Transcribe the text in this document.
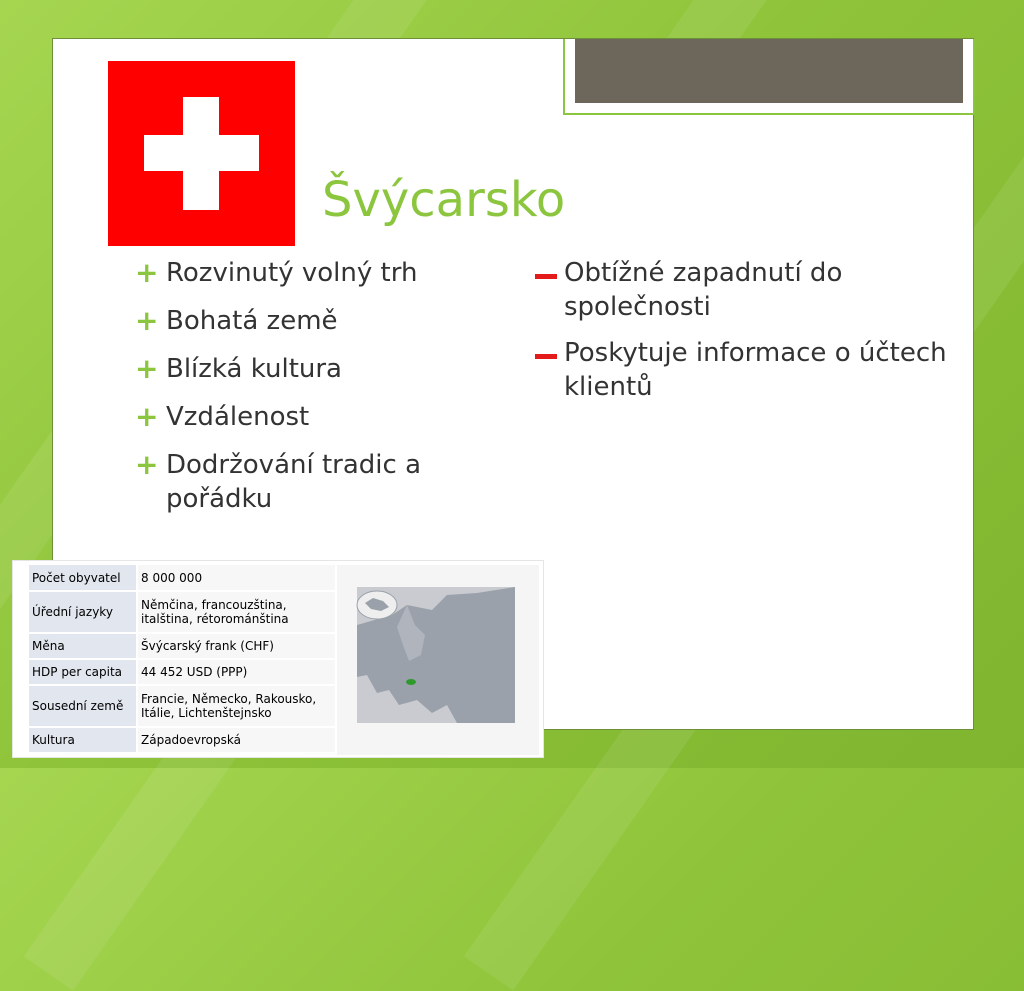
Švýcarsko
+ Rozvinutý volný trh
+ Bohatá země
+ Blízká kultura
+ Vzdálenost
+ Dodržování tradic a pořádku
Obtížné zapadnutí do společnosti
Poskytuje informace o účtech klientů
Počet obyvatel	8 000 000
Úřední jazyky	Němčina, francouzština, italština, rétorománština
Měna	Švýcarský frank (CHF)
HDP per capita	44 452 USD (PPP)
Sousední země	Francie, Německo, Rakousko, Itálie, Lichtenštejnsko
Kultura	Západoevropská
